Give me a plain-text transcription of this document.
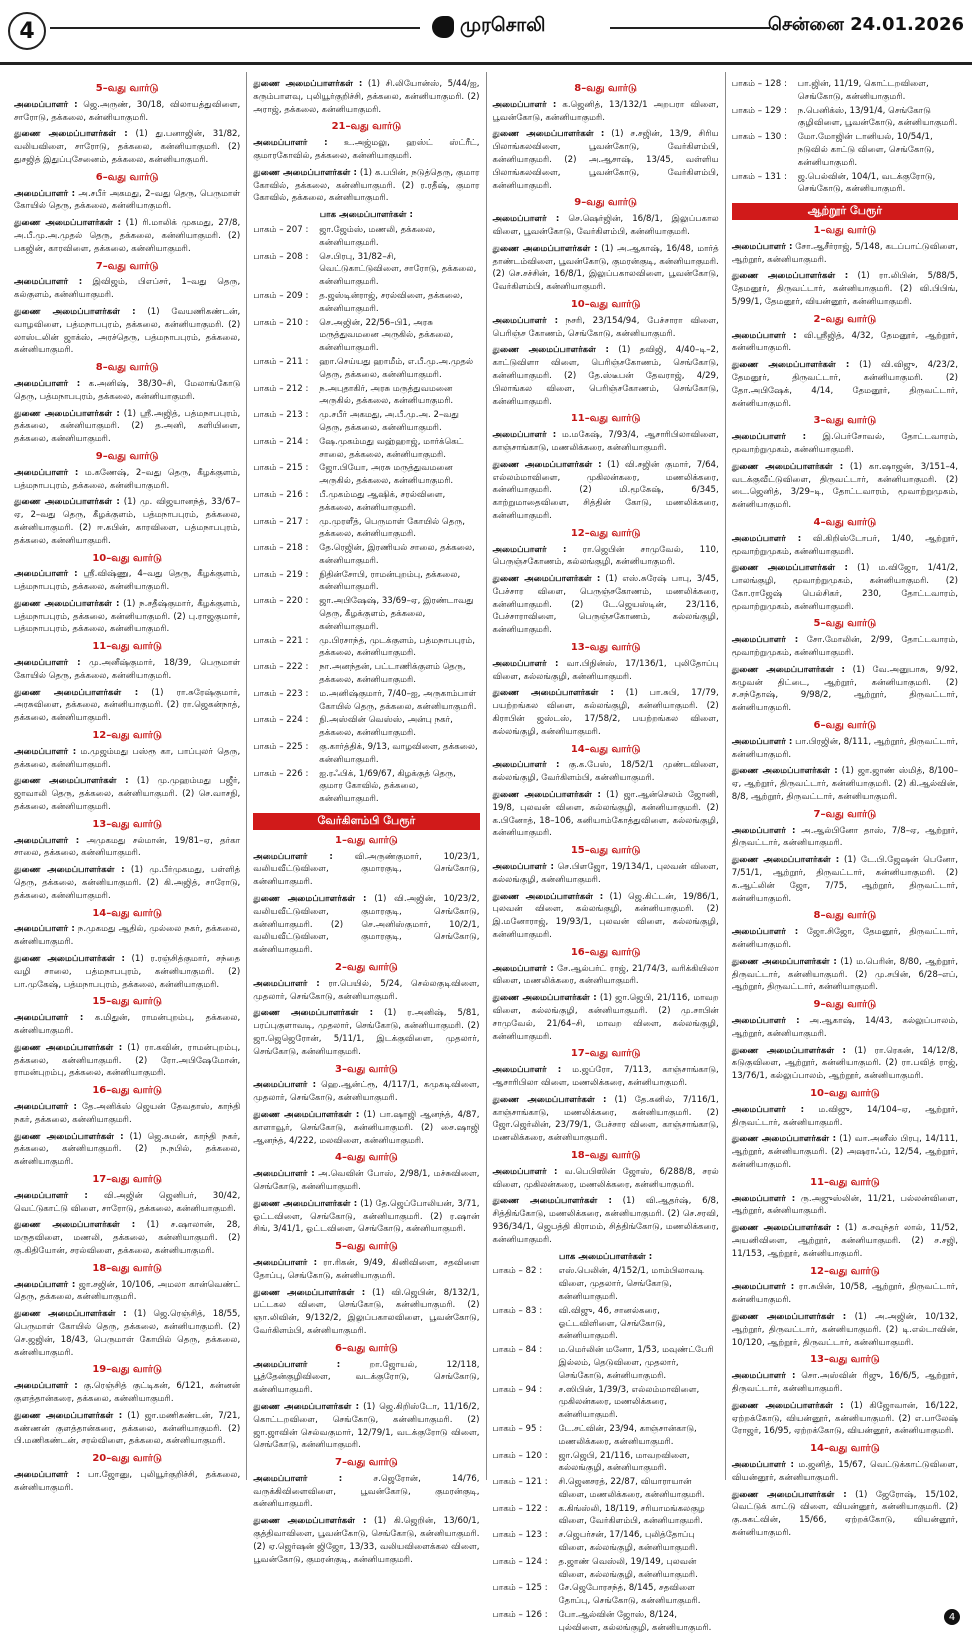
4	முரசொலி	சென்னை 24.01.2026
5–வது வார்டு
அமைப்பாளர் : ஜெ.அருண், 30/18, விலாயத்துவிளை, சாரோடு, தக்கலை, கன்னியாகுமரி.
துணை அமைப்பாளர்கள் : (1) து.பனாஜின், 31/82, வலியவிளை, சாரோடு, தக்கலை, கன்னியாகுமரி. (2) துசஜித் இதுப்புசேனைம், தக்கலை, கன்னியாகுமரி.
6–வது வார்டு
அமைப்பாளர் : அ.சபீர் அகமது, 2–வது தெரு, பெருமாள் கோயில் தெரு, தக்கலை, கன்னியாகுமரி.
துணை அமைப்பாளர்கள் : (1) ரி.மாலிக் முகமது, 27/8, அ.பீ.மு.அ.முதல் தெரு, தக்கலை, கன்னியாகுமரி. (2) பகஜின், காரவிளை, தக்கலை, கன்னியாகுமரி.
7–வது வார்டு
அமைப்பாளர் : இவிஜம், பிஎப்சர், 1–வது தெரு, கல்குளம், கன்னியாகுமரி.
துணை அமைப்பாளர்கள் : (1) வேயணிகண்டன், வாழவிளை, பத்மநாபபுரம், தக்கலை, கன்னியாகுமரி. (2) லாஸ்டலின் ஜாக்ஸ், அரச்தெரு, பத்மநாபபுரம், தக்கலை, கன்னியாகுமரி.
8–வது வார்டு
அமைப்பாளர் : க.அனிஷ், 38/30–சி, மேலாங்கோடு தெரு, பத்மநாபபுரம், தக்கலை, கன்னியாகுமரி.
துணை அமைப்பாளர்கள் : (1) ஸ்ரீ.அஜித், பத்மநாபபுரம், தக்கலை, கன்னியாகுமரி. (2) த.அனி, களியிளை, தக்கலை, கன்னியாகுமரி.
9–வது வார்டு
அமைப்பாளர் : ம.கணேஷ், 2–வது தெரு, கீழக்குளம், பத்மநாபபுரம், தக்கலை, கன்னியாகுமரி.
துணை அமைப்பாளர்கள் : (1) மு. விஜயானந்த், 33/67–ஏ, 2–வது தெரு, கீழக்குளம், பத்மநாபபுரம், தக்கலை, கன்னியாகுமரி. (2) ஈ.கபின், காரவிளை, பத்மநாபபுரம், தக்கலை, கன்னியாகுமரி.
10–வது வார்டு
அமைப்பாளர் : ஸ்ரீ.விஷ்ணு, 4–வது தெரு, கீழக்குளம், பத்மநாபபுரம், தக்கலை, கன்னியாகுமரி.
துணை அமைப்பாளர்கள் : (1) ந.சதீஷ்குமார், கீழக்குளம், பத்மநாபபுரம், தக்கலை, கன்னியாகுமரி. (2) பு.ராஜகுமார், பத்மநாபபுரம், தக்கலை, கன்னியாகுமரி.
11–வது வார்டு
அமைப்பாளர் : மு.அனீஷ்குமார், 18/39, பெருமாள் கோயில் தெரு, தக்கலை, கன்னியாகுமரி.
துணை அமைப்பாளர்கள் : (1) ரா.சுரேஷ்குமார், அரசுவிளை, தக்கலை, கன்னியாகுமரி. (2) ரா.ஜெகன்நாத், தக்கலை, கன்னியாகுமரி.
12–வது வார்டு
அமைப்பாளர் : ம.முஜம்மது பஸ்ரூ கா, பாப்புலர் தெரு, தக்கலை, கன்னியாகுமரி.
துணை அமைப்பாளர்கள் : (1) மு.முஹம்மது பஜீர், ஜாவாலி தெரு, தக்கலை, கன்னியாகுமரி. (2) செ.வாசநி, தக்கலை, கன்னியாகுமரி.
13–வது வார்டு
அமைப்பாளர் : அமுகமது சல்மான், 19/81–ஏ, தர்கா சாலை, தக்கலை, கன்னியாகுமரி.
துணை அமைப்பாளர்கள் : (1) மு.பீர்முகமது, பள்ளித் தெரு, தக்கலை, கன்னியாகுமரி. (2) கி.அஜித், சாரோடு, தக்கலை, கன்னியாகுமரி.
14–வது வார்டு
அமைப்பாளர் : ந.முகமது ஆதில், முல்லை நகர், தக்கலை, கன்னியாகுமரி.
துணை அமைப்பாளர்கள் : (1) ர.ரஞ்சித்குமார், சந்தை வழி சாலை, பத்மநாபபுரம், கன்னியாகுமரி. (2) பா.முகேஷ், பத்மநாபபுரம், தக்கலை, கன்னியாகுமரி.
15–வது வார்டு
அமைப்பாளர் : க.மிதுன், ராமன்புறம்பு, தக்கலை, கன்னியாகுமரி.
துணை அமைப்பாளர்கள் : (1) ரா.கவின், ராமன்புறம்பு, தக்கலை, கன்னியாகுமரி. (2) ரோ.அபிஷேமோன், ராமன்புறம்பு, தக்கலை, கன்னியாகுமரி.
16–வது வார்டு
அமைப்பாளர் : தே.அனிக்ஸ் ஜெயன் தேவதாஸ், காந்தி நகர், தக்கலை, கன்னியாகுமரி.
துணை அமைப்பாளர்கள் : (1) ஜெ.சுமன், காந்தி நகர், தக்கலை, கன்னியாகுமரி. (2) ந.நபில், தக்கலை, கன்னியாகுமரி.
17–வது வார்டு
அமைப்பாளர் : வி.அஜின் ஜெனிபர், 30/42, வெட்டுகாட்டு விளை, சாரோடு, தக்கலை, கன்னியாகுமரி.
துணை அமைப்பாளர்கள் : (1) ச.ஷாலான், 28, மருதவிளை, மணலி, தக்கலை, கன்னியாகுமரி. (2) கு.கிதியோன், சரல்விளை, தக்கலை, கன்னியாகுமரி.
18–வது வார்டு
அமைப்பாளர் : ஜா.சஜின், 10/106, அமலா கான்வெண்ட் தெரு, தக்கலை, கன்னியாகுமரி.
துணை அமைப்பாளர்கள் : (1) ஜெ.ரெஞ்சித், 18/55, பெருமாள் கோயில் தெரு, தக்கலை, கன்னியாகுமரி. (2) செ.ஜஜின், 18/43, பெருமாள் கோயில் தெரு, தக்கலை, கன்னியாகுமரி.
19–வது வார்டு
அமைப்பாளர் : கு.ரெஞ்சித் குட்டிகன், 6/121, கன்னன் குளத்தான்கரை, தக்கலை, கன்னியாகுமரி.
துணை அமைப்பாளர்கள் : (1) ஜா.மணிகண்டன், 7/21, கண்ணன் குளத்தான்கரை, தக்கலை, கன்னியாகுமரி. (2) பி.மணிகண்டன், சரல்விளை, தக்கலை, கன்னியாகுமரி.
20–வது வார்டு
அமைப்பாளர் : பா.ஜோனு, புலியூர்குறிச்சி, தக்கலை, கன்னியாகுமரி.
துணை அமைப்பாளர்கள் : (1) சி.லியோன்ஸ், 5/44/ஐ, கரும்பாளவு, புலியூர்குறிச்சி, தக்கலை, கன்னியாகுமரி. (2) அராஜ், தக்கலை, கன்னியாகுமரி.
21–வது வார்டு
அமைப்பாளர் : உ.அஜ்மலு, ஹஸ்ட் ஸ்ட்ரீட், குமாரகோவில், தக்கலை, கன்னியாகுமரி.
துணை அமைப்பாளர்கள் : (1) க.பபின், நடுத்தெரு, குமார கோவில், தக்கலை, கன்னியாகுமரி. (2) ர.ரதீஷ், குமார கோவில், தக்கலை, கன்னியாகுமரி.
பாக அமைப்பாளர்கள் :
பாகம் – 207 :	ஜா.ஜேம்ஸ், மணலி, தக்கலை, கன்னியாகுமரி.
பாகம் – 208 :	செ.பிரபு, 31/82–சி, வெட்டுகாட்டுவிளை, சாரோடு, தக்கலை, கன்னியாகுமரி.
பாகம் – 209 :	த.ஜஸ்டின்ராஜ், சரல்விளை, தக்கலை, கன்னியாகுமரி.
பாகம் – 210 :	செ.அஜின், 22/56–பி1, அரசு மருத்துவமனை அருகில், தக்கலை, கன்னியாகுமரி.
பாகம் – 211 :	ஹா.செய்யது ஹாமீம், எ.பீ.மு.அ.முதல் தெரு, தக்கலை, கன்னியாகுமரி.
பாகம் – 212 :	ந.அபுதாகிர், அரசு மருத்துவமனை அருகில், தக்கலை, கன்னியாகுமரி.
பாகம் – 213 :	மு.சபீர் அகமது, அ.பீ.மு.அ. 2–வது தெரு, தக்கலை, கன்னியாகுமரி.
பாகம் – 214 :	ஷே.முகம்மது வஹ்ஹாஜ், மார்க்கெட் சாலை, தக்கலை, கன்னியாகுமரி.
பாகம் – 215 :	ஜோ.பியோ, அரசு மருத்துவமனை அருகில், தக்கலை, கன்னியாகுமரி.
பாகம் – 216 :	பீ.முகம்மது ஆஷிக், சரல்விளை, தக்கலை, கன்னியாகுமரி.
பாகம் – 217 :	மு.முரளீத், பெருமாள் கோயில் தெரு, தக்கலை, கன்னியாகுமரி.
பாகம் – 218 :	தே.ரெஜின், இரணியல் சாலை, தக்கலை, கன்னியாகுமரி.
பாகம் – 219 :	நிதின்சோபி, ராமன்புறம்பு, தக்கலை, கன்னியாகுமரி.
பாகம் – 220 :	ஜா.அபிஷேஷ், 33/69–ஏ, இரண்டாவது தெரு, கீழக்குளம், தக்கலை, கன்னியாகுமரி.
பாகம் – 221 :	மு.பிரசாந்த், முடக்குளம், பத்மநாபபுரம், தக்கலை, கன்னியாகுமரி.
பாகம் – 222 :	நா.அனந்தன், பட்டாணிக்குளம் தெரு, தக்கலை, கன்னியாகுமரி.
பாகம் – 223 :	ம.அனிஷ்குமார், 7/40–ஐ, அருகாம்பாள் கோயில் தெரு, தக்கலை, கன்னியாகுமரி.
பாகம் – 224 :	நி.அஸ்வின் வெஸ்ஸ், அன்பு நகர், தக்கலை, கன்னியாகுமரி.
பாகம் – 225 :	கு.கார்த்திக், 9/13, வாழவிளை, தக்கலை, கன்னியாகுமரி.
பாகம் – 226 :	ஐ.ரஃபிக், 1/69/67, கிழக்குத் தெரு, குமார கோவில், தக்கலை, கன்னியாகுமரி.
வேர்கிளம்பி பேரூர்
1–வது வார்டு
அமைப்பாளர் : வி.அருண்குமார், 10/23/1, வலியவீட்டுவிளை, குமாரகுடி, செங்கோடு, கன்னியாகுமரி.
துணை அமைப்பாளர்கள் : (1) வி.அஜின், 10/23/2, வலியவீட்டுவிளை, குமாரகுடி, செங்கோடு, கன்னியாகுமரி. (2) செ.அனிஸ்குமார், 10/2/1, வலியவீட்டுவிளை, குமாரகுடி, செங்கோடு, கன்னியாகுமரி.
2–வது வார்டு
அமைப்பாளர் : ரா.பெயில், 5/24, செல்லகுடிவிளை, முதலார், செங்கோடு, கன்னியாகுமரி.
துணை அமைப்பாளர்கள் : (1) ர.அனிஷ், 5/81, பரப்புகுளாவடி, முதலார், செங்கோடு, கன்னியாகுமரி. (2) ஜா.ஜெஜெரோன், 5/11/1, இடக்குவிளை, முதலார், செங்கோடு, கன்னியாகுமரி.
3–வது வார்டு
அமைப்பாளர் : ஹெ.ஆன்ட்ரூ, 4/117/1, கமுகடிவிளை, முதலார், செங்கோடு, கன்னியாகுமரி.
துணை அமைப்பாளர்கள் : (1) பா.ஷாஜி ஆனந்த், 4/87, காளாவூர், செங்கோடு, கன்னியாகுமரி. (2) சை.ஷாஜி ஆனந்த், 4/222, மலவிளை, கன்னியாகுமரி.
4–வது வார்டு
அமைப்பாளர் : அ.வெவின் போஸ், 2/98/1, மச்சுவிளை, செங்கோடு, கன்னியாகுமரி.
துணை அமைப்பாளர்கள் : (1) தே.ஜெப்போலியன், 3/71, ஓட்டவிளை, செங்கோடு, கன்னியாகுமரி. (2) ர.ஷான் சிங், 3/41/1, ஓட்டவிளை, செங்கோடு, கன்னியாகுமரி.
5–வது வார்டு
அமைப்பாளர் : ரா.ரிகன், 9/49, கினிவிளை, சதவிளை தோப்பு, செங்கோடு, கன்னியாகுமரி.
துணை அமைப்பாளர்கள் : (1) வி.ஜெபின், 8/132/1, பட்டகல விளை, செங்கோடு, கன்னியாகுமரி. (2) ஞா.லிவின், 9/132/2, இலுப்பகாலவிளை, பூவன்கோடு, வேர்கிளம்பி, கன்னியாகுமரி.
6–வது வார்டு
அமைப்பாளர் : றா.ஜோயல், 12/118, பூத்தேன்குழிவிளை, வடக்குரோடு, செங்கோடு, கன்னியாகுமரி.
துணை அமைப்பாளர்கள் : (1) ஜெ.கிறிஸ்டோ, 11/16/2, கொட்டறவிளை, செங்கோடு, கன்னியாகுமரி. (2) ஜா.ஜாவின் செல்வகுமார், 12/79/1, வடக்குரோடு விளை, செங்கோடு, கன்னியாகுமரி.
7–வது வார்டு
அமைப்பாளர் : ச.ஜெரோன், 14/76, வருக்கிவிளைவிளை, பூவன்கோடு, குமரன்குடி, கன்னியாகுமரி.
துணை அமைப்பாளர்கள் : (1) கி.ஜெறின், 13/60/1, குத்திவாவிளை, பூவன்கோடு, செங்கோடு, கன்னியாகுமரி. (2) ஏ.ஜெர்ஷன் ஜிஜோ, 13/33, வலியவிளைக்கல விளை, பூவன்கோடு, குமரன்குடி, கன்னியாகுமரி.
8–வது வார்டு
அமைப்பாளர் : க.ஜெனித், 13/132/1 அறபரா விளை, பூவன்கோடு, கன்னியாகுமரி.
துணை அமைப்பாளர்கள் : (1) ச.சஜின், 13/9, சிரிய பிலாங்கலவிளை, பூவன்கோடு, வேர்கிளம்பி, கன்னியாகுமரி. (2) அ.ஆசாஷ், 13/45, வள்ளிய பிலாங்கலவிளை, பூவன்கோடு, வேர்கிளம்பி, கன்னியாகுமரி.
9–வது வார்டு
அமைப்பாளர் : செ.ஷெர்ஜின், 16/8/1, இலுப்பகால விளை, பூவன்கோடு, வேர்கிளம்பி, கன்னியாகுமரி.
துணை அமைப்பாளர்கள் : (1) அ.ஆகாஷ், 16/48, மார்த் தாண்டம்விளை, பூவன்கோடு, குமரன்குடி, கன்னியாகுமரி. (2) செ.சச்சின், 16/8/1, இலுப்பகாலவிளை, பூவன்கோடு, வேர்கிளம்பி, கன்னியாகுமரி.
10–வது வார்டு
அமைப்பாளர் : நசரி, 23/154/94, பேச்சாரா விளை, பெரிஞ்ச கோணம், செங்கோடு, கன்னியாகுமரி.
துணை அமைப்பாளர்கள் : (1) தவிஜி, 4/40–டி–2, காட்டுவிளா விளை, பெரிஞ்சகோணம், செங்கோடு, கன்னியாகுமரி. (2) தே.ஸ்டீபன் தேவராஜ், 4/29, பிலாங்கல விளை, பெரிஞ்சகோணம், செங்கோடு, கன்னியாகுமரி.
11–வது வார்டு
அமைப்பாளர் : ம.மகேஷ், 7/93/4, ஆசாரிபிலாவிளை, காஞ்சாங்காடு, மணலிக்கரை, கன்னியாகுமரி.
துணை அமைப்பாளர்கள் : (1) வி.சஜின் குமார், 7/64, எல்லம்மாவிளை, முகிலன்கரை, மணலிக்கரை, கன்னியாகுமரி. (2) மி.மூகேஷ், 6/345, காற்றுமாதைவிளை, சித்தின் கோடு, மணலிக்கரை, கன்னியாகுமரி.
12–வது வார்டு
அமைப்பாளர் : ரா.ஜெபின் சாமுவேல், 110, பெருஞ்சகோணம், கல்லங்குழி, கன்னியாகுமரி.
துணை அமைப்பாளர்கள் : (1) எஸ்.சுரேஷ் பாபு, 3/45, பேச்சார விளை, பெருஞ்சகோணம், மணலிக்கரை, கன்னியாகுமரி. (2) டே.ஜெயஸ்டின், 23/116, பேச்சாராவிளை, பெருஞ்சகோணம், கல்லங்குழி, கன்னியாகுமரி.
13–வது வார்டு
அமைப்பாளர் : வா.பிநின்ஸ், 17/136/1, புலிதோப்பு விளை, கல்லங்குழி, கன்னியாகுமரி.
துணை அமைப்பாளர்கள் : (1) பா.சுபி, 17/79, பயற்றங்கல விளை, கல்லங்குழி, கன்னியாகுமரி. (2) கிராபின் ஜஸ்டஸ், 17/58/2, பயற்றங்கல விளை, கல்லங்குழி, கன்னியாகுமரி.
14–வது வார்டு
அமைப்பாளர் : கு.க.பேஸ், 18/52/1 முண்டவிளை, கல்லங்குழி, வேர்கிளம்பி, கன்னியாகுமரி.
துணை அமைப்பாளர்கள் : (1) ஜா.ஆன்செலம் ஜோனி, 19/8, புலவன் விளை, கல்லங்குழி, கன்னியாகுமரி. (2) க.பினோத், 18–106, கனியாம்கோத்துவிளை, கல்லங்குழி, கன்னியாகுமரி.
15–வது வார்டு
அமைப்பாளர் : செ.பிளஜோ, 19/134/1, புலவன் விளை, கல்லங்குழி, கன்னியாகுமரி.
துணை அமைப்பாளர்கள் : (1) ஜெ.கிட்டன், 19/86/1, புலவன் விளை, கல்லங்குழி, கன்னியாகுமரி. (2) இ.மனோராஜ், 19/93/1, புலவன் விளை, கல்லங்குழி, கன்னியாகுமரி.
16–வது வார்டு
அமைப்பாளர் : சே.ஆல்பர்ட் ராஜ், 21/74/3, வரிக்கியிலா விளை, மணலிக்கரை, கன்னியாகுமரி.
துணை அமைப்பாளர்கள் : (1) ஜா.ஜெபி, 21/116, மாவற விளை, கல்லங்குழி, கன்னியாகுமரி. (2) மு.சாபின் சாமுவேல், 21/64–சி, மாவற விளை, கல்லங்குழி, கன்னியாகுமரி.
17–வது வார்டு
அமைப்பாளர் : ம.ஜப்ரோ, 7/113, காஞ்சாங்காடு, ஆசாரிபிலா விளை, மணலிக்கரை, கன்னியாகுமரி.
துணை அமைப்பாளர்கள் : (1) தே.கனில், 7/116/1, காஞ்சாங்காடு, மணலிக்கரை, கன்னியாகுமரி. (2) ஜோ.ஜெர்லின், 23/79/1, பேச்சார விளை, காஞ்சாங்காடு, மணலிக்கரை, கன்னியாகுமரி.
18–வது வார்டு
அமைப்பாளர் : வ.பெபிஸின் ஜோஸ், 6/288/8, சரல் விளை, முகிலன்கரை, மணலிக்கரை, கன்னியாகுமரி.
துணை அமைப்பாளர்கள் : (1) வி.ஆதர்ஷ், 6/8, சித்திங்கோடு, மணலிக்கரை, கன்னியாகுமரி. (2) செ.சரவி, 936/34/1, ஜெபத்தி கிராமம், சித்திங்கோடு, மணலிக்கரை, கன்னியாகுமரி.
பாக அமைப்பாளர்கள் :
பாகம் – 82 :	எஸ்.பெலின், 4/152/1, மாம்பிலாவடி விளை, முதலார், செங்கோடு, கன்னியாகுமரி.
பாகம் – 83 :	வி.விஜு, 46, சானல்கரை, ஓட்டவிளிளை, செங்கோடு, கன்னியாகுமரி.
பாகம் – 84 :	ம.மெர்லின் மனோ, 1/53, மவுண்ட்பேரி இல்லம், தெடுவிளை, முதலார், செங்கோடு, கன்னியாகுமரி.
பாகம் – 94 :	ச.ஸிபின், 1/39/3, எல்லம்மாவிளை, முகிலன்கரை, மணலிக்கரை, கன்னியாகுமரி.
பாகம் – 95 :	டே.சட்வின், 23/94, காஞ்சான்காடு, மணலிக்கரை, கன்னியாகுமரி.
பாகம் – 120 :	ஜா.ஜெபி, 21/116, மாவறவிளை, கல்லங்குழி, கன்னியாகுமரி.
பாகம் – 121 :	சி.ஜெனசரத், 22/87, வியாராயான் விளை, மணலிக்கரை, கன்னியாகுமரி.
பாகம் – 122 :	க.கிங்ஸ்லி, 18/119, சரியாமங்கலகுழ விளை, வேர்கிளம்பி, கன்னியாகுமரி.
பாகம் – 123 :	ச.ஜெபர்சன், 17/146, புலித்தோப்பு விளை, கல்லங்குழி, கன்னியாகுமரி.
பாகம் – 124 :	த.ஜாண் வெஸ்லி, 19/149, புலவன் விளை, கல்லங்குழி, கன்னியாகுமரி.
பாகம் – 125 :	சே.ஜெபோரசந்த், 8/145, சதவிளை தோப்பு, செங்கோடு, கன்னியாகுமரி.
பாகம் – 126 :	போ.ஆல்வின் ஜோஸ், 8/124, புல்விளை, கல்லங்குழி, கன்னியாகுமரி.
பாகம் – 128 :	பா.ஜின், 11/19, கொட்டறவிளை, செங்கோடு, கன்னியாகுமரி.
பாகம் – 129 :	ந.பெனிக்ஸ், 13/91/4, செங்கோடு குழிவிளை, பூவன்கோடு, கன்னியாகுமரி.
பாகம் – 130 :	மோ.மோஜின் டானியல், 10/54/1, நடுவில் காட்டு விளை, செங்கோடு, கன்னியாகுமரி.
பாகம் – 131 :	ஜ.பெல்வின், 104/1, வடக்குரோடு, செங்கோடு, கன்னியாகுமரி.
ஆற்றூர் பேரூர்
1–வது வார்டு
அமைப்பாளர் : சோ.ஆசீர்ராஜ், 5/148, கடப்பாட்டுவிளை, ஆற்றூர், கன்னியாகுமரி.
துணை அமைப்பாளர்கள் : (1) ரா.லிபின், 5/88/5, தேமனூர், திருவட்டார், கன்னியாகுமரி. (2) வி.பிபிங், 5/99/1, தேமனூர், வியன்னூர், கன்னியாகுமரி.
2–வது வார்டு
அமைப்பாளர் : வி.ஸ்ரீஜித், 4/32, தேமனூர், ஆற்றூர், கன்னியாகுமரி.
துணை அமைப்பாளர்கள் : (1) வி.விஜு, 4/23/2, தேமனூர், திருவட்டார், கன்னியாகுமரி. (2) தோ.அபிஷேக், 4/14, தேமனூர், திருவட்டார், கன்னியாகுமரி.
3–வது வார்டு
அமைப்பாளர் : இ.பெர்சோவல், தோட்டவாரம், மூவாற்றுமுகம், கன்னியாகுமரி.
துணை அமைப்பாளர்கள் : (1) கா.ஷாஜன், 3/151–4, வடக்குவீட்டுவிளை, திருவட்டார், கன்னியாகுமரி. (2) டை.ஜெனித், 3/29–டி, தோட்டவாரம், மூவாற்றுமுகம், கன்னியாகுமரி.
4–வது வார்டு
அமைப்பாளர் : வி.கிறிஸ்டோபர், 1/40, ஆற்றூர், மூவாற்றுமுகம், கன்னியாகுமரி.
துணை அமைப்பாளர்கள் : (1) ம.விஜோ, 1/41/2, பாலங்குழி, மூவாற்றுமுகம், கன்னியாகுமரி. (2) கோ.ராஜேஷ் பெல்சிகர், 230, தோட்டவாரம், மூவாற்றுமுகம், கன்னியாகுமரி.
5–வது வார்டு
அமைப்பாளர் : சோ.மோலின், 2/99, தோட்டவாரம், மூவாற்றுமுகம், கன்னியாகுமரி.
துணை அமைப்பாளர்கள் : (1) வே.அனுபாசு, 9/92, கழுவன் திட்டை, ஆற்றூர், கன்னியாகுமரி. (2) ச.சந்தோஷ், 9/98/2, ஆற்றூர், திருவட்டார், கன்னியாகுமரி.
6–வது வார்டு
அமைப்பாளர் : பா.பிரஜின், 8/111, ஆற்றூர், திருவட்டார், கன்னியாகுமரி.
துணை அமைப்பாளர்கள் : (1) ஜா.ஜாண் ஸ்மித், 8/100–ஏ, ஆற்றூர், திருவட்டார், கன்னியாகுமரி. (2) கி.ஆல்வின், 8/8, ஆற்றூர், திருவட்டார், கன்னியாகுமரி.
7–வது வார்டு
அமைப்பாளர் : அ.ஆல்பினோ தாஸ், 7/8–ஏ, ஆற்றூர், திருவட்டார், கன்னியாகுமரி.
துணை அமைப்பாளர்கள் : (1) டே.பி.ஜேஷன் பெனோ, 7/51/1, ஆற்றூர், திருவட்டார், கன்னியாகுமரி. (2) க.ஆட்லின் ஜோ, 7/75, ஆற்றூர், திருவட்டார், கன்னியாகுமரி.
8–வது வார்டு
அமைப்பாளர் : ஜோ.சிஜோ, தேமனூர், திருவட்டார், கன்னியாகுமரி.
துணை அமைப்பாளர்கள் : (1) ம.பெரின், 8/80, ஆற்றூர், திருவட்டார், கன்னியாகுமரி. (2) மு.சபின், 6/28–எப், ஆற்றூர், திருவட்டார், கன்னியாகுமரி.
9–வது வார்டு
அமைப்பாளர் : அ.ஆகாஷ், 14/43, கல்லுப்பாலம், ஆற்றூர், கன்னியாகுமரி.
துணை அமைப்பாளர்கள் : (1) ரா.ரெகன், 14/12/8, கடுகுவிளை, ஆற்றூர், கன்னியாகுமரி. (2) ரா.பவித் ராஜ், 13/76/1, கல்லுப்பாலம், ஆற்றூர், கன்னியாகுமரி.
10–வது வார்டு
அமைப்பாளர் : ம.விஜு, 14/104–ஏ, ஆற்றூர், திருவட்டார், கன்னியாகுமரி.
துணை அமைப்பாளர்கள் : (1) வா.அனீஸ் பிரபு, 14/111, ஆற்றூர், கன்னியாகுமரி. (2) அஷராஃப், 12/54, ஆற்றூர், கன்னியாகுமரி.
11–வது வார்டு
அமைப்பாளர் : ரு.அஜுஸ்லின், 11/21, பல்லன்விளை, ஆற்றூர், கன்னியாகுமரி.
துணை அமைப்பாளர்கள் : (1) க.சவுந்தர் லால், 11/52, அயனிவிளை, ஆற்றூர், கன்னியாகுமரி. (2) ச.சஜி, 11/153, ஆற்றூர், கன்னியாகுமரி.
12–வது வார்டு
அமைப்பாளர் : ரா.சுபின், 10/58, ஆற்றூர், திருவட்டார், கன்னியாகுமரி.
துணை அமைப்பாளர்கள் : (1) அ.அஜின், 10/132, ஆற்றூர், திருவட்டார், கன்னியாகுமரி. (2) டி.எல்டாவின், 10/120, ஆற்றூர், திருவட்டார், கன்னியாகுமரி.
13–வது வார்டு
அமைப்பாளர் : சொ.அஸ்வின் ரிஜு, 16/6/5, ஆற்றூர், திருவட்டார், கன்னியாகுமரி.
துணை அமைப்பாளர்கள் : (1) கிஜோவான், 16/122, ஏற்றக்கோடு, வியன்னூர், கன்னியாகுமரி. (2) எ.பாலேஷ் ரோஜர், 16/95, ஏற்றக்கோடு, வியன்னூர், கன்னியாகுமரி.
14–வது வார்டு
அமைப்பாளர் : ம.ஜனித், 15/67, வெட்டுக்காட்டுவிளை, வியன்னூர், கன்னியாகுமரி.
துணை அமைப்பாளர்கள் : (1) ஜேரோஷ், 15/102, வெட்டுக் காட்டு விளை, வியன்னூர், கன்னியாகுமரி. (2) கு.சுகட்வின், 15/66, ஏற்றக்கோடு, வியன்னூர், கன்னியாகுமரி.
4
